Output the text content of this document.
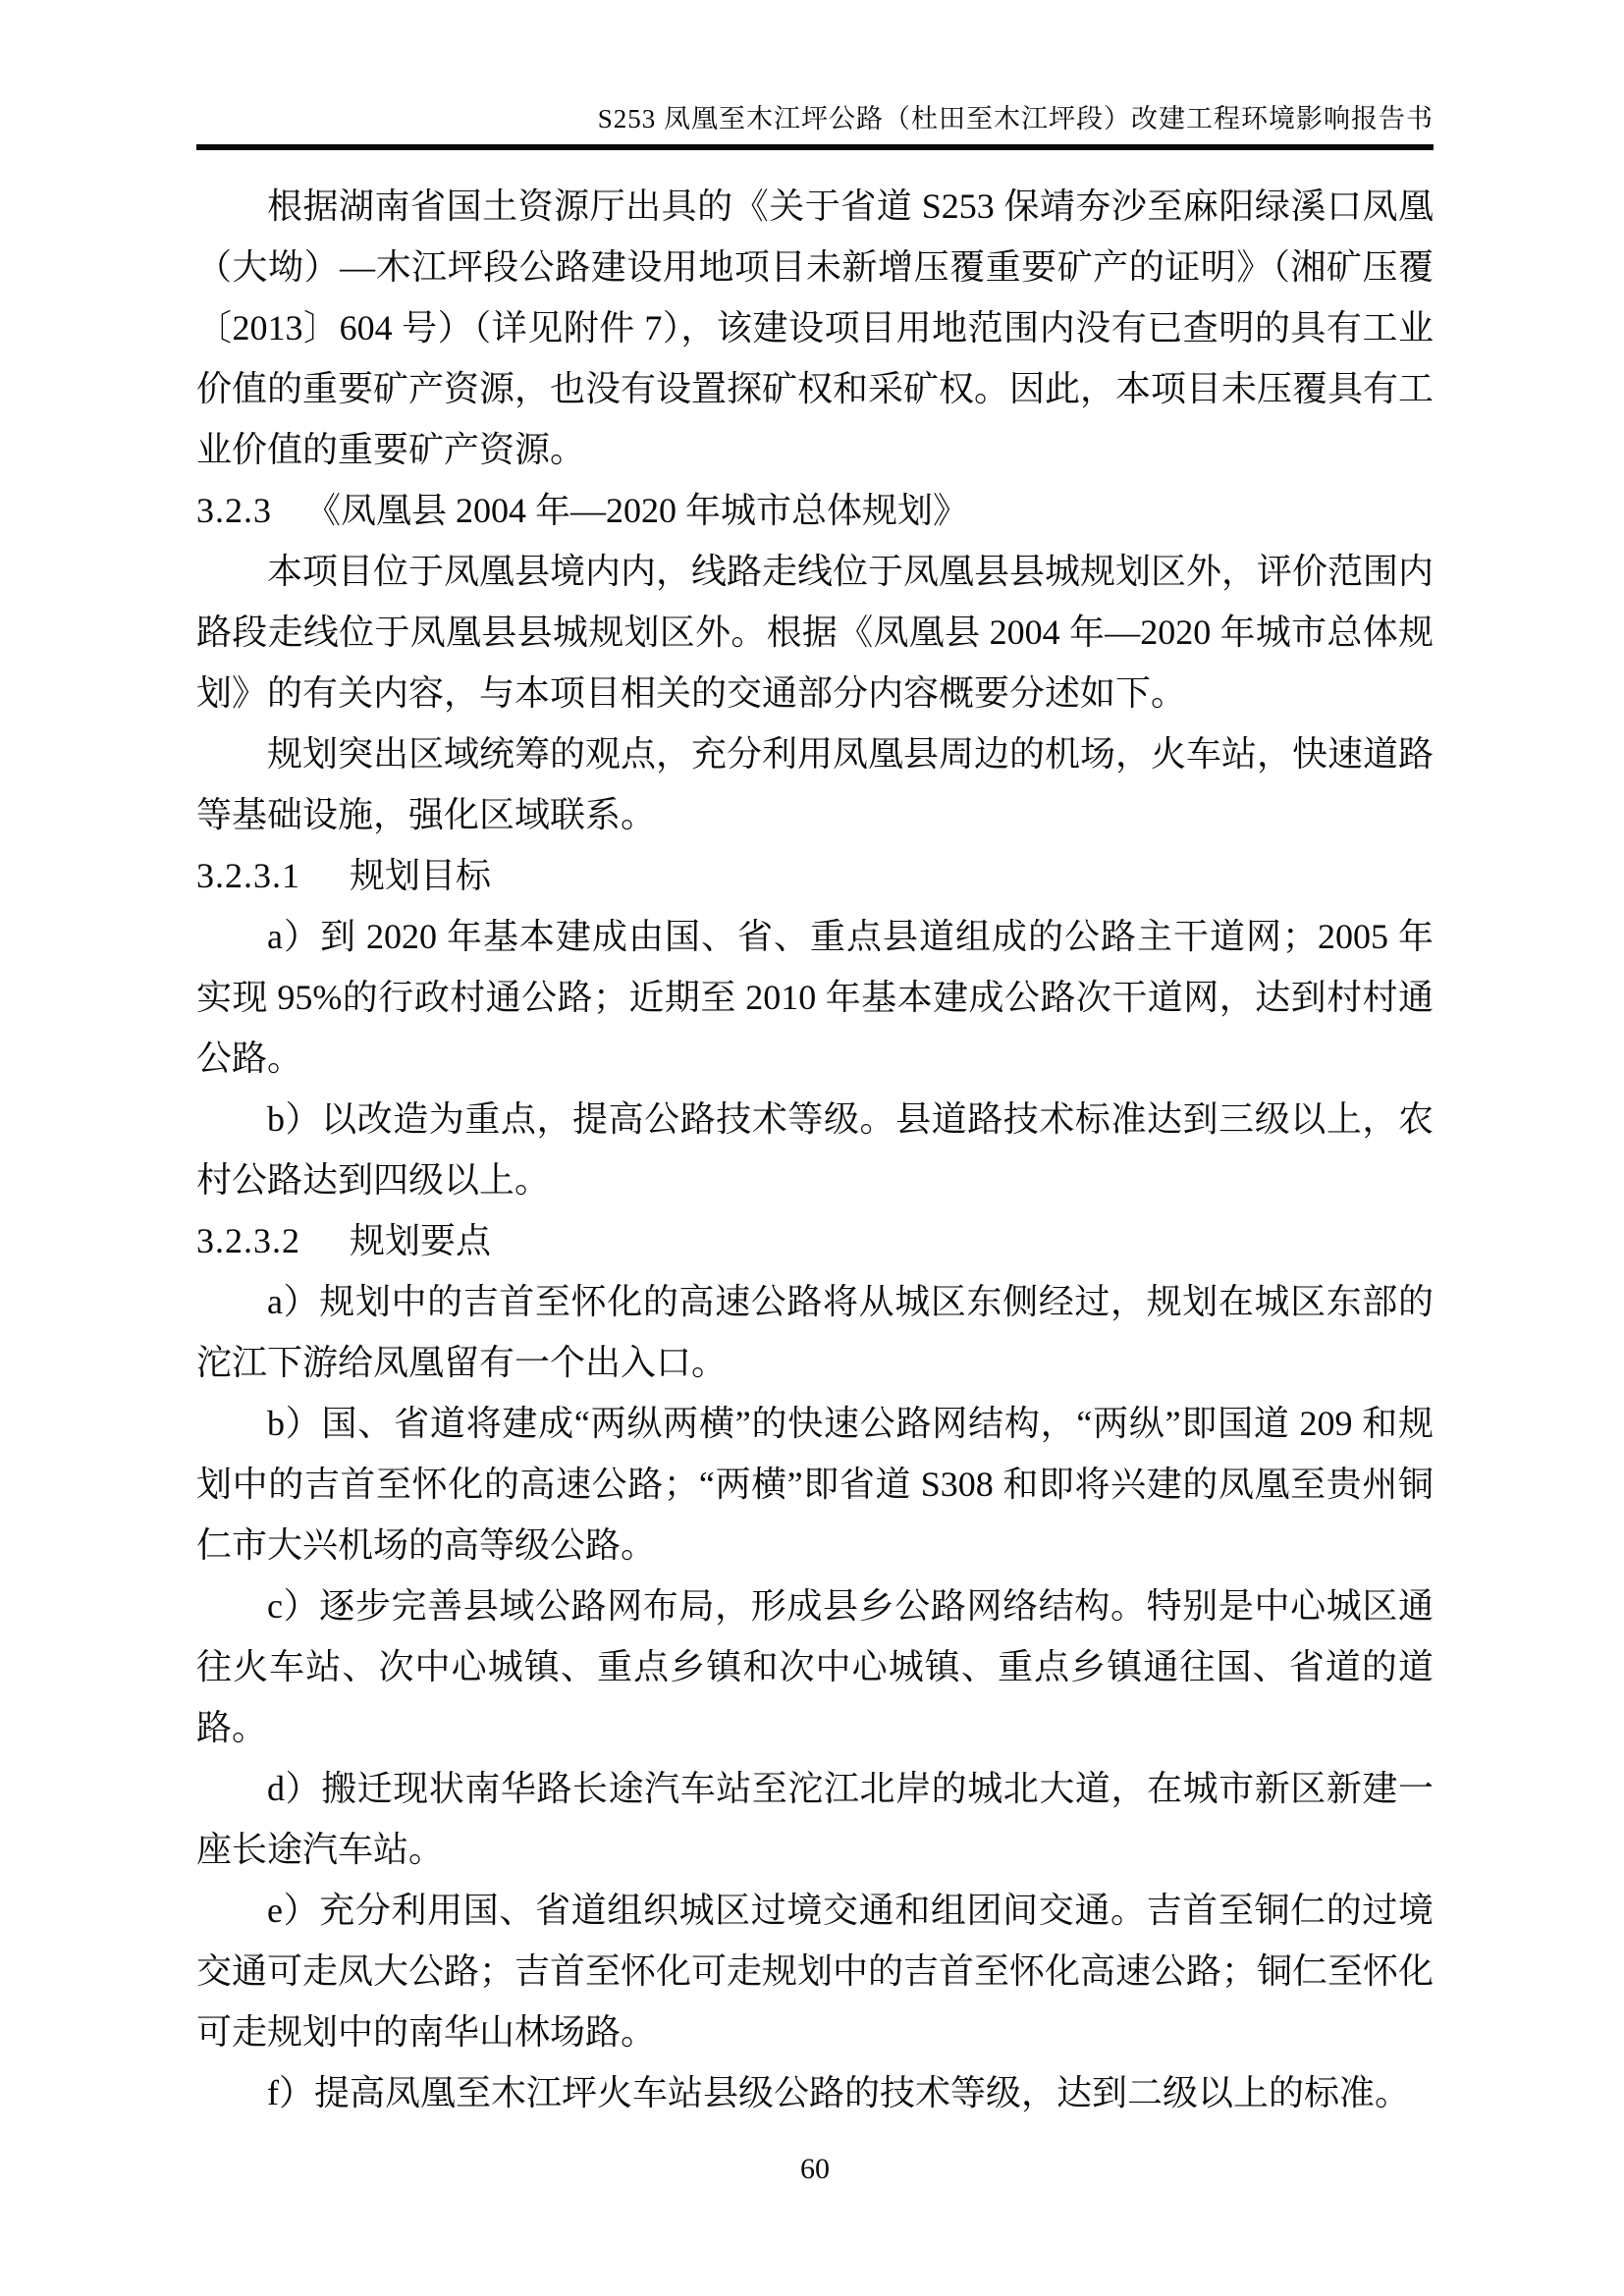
S253 凤凰至木江坪公路（杜田至木江坪段）改建工程环境影响报告书

根据湖南省国土资源厅出具的《关于省道 S253 保靖夯沙至麻阳绿溪口凤凰（大坳）—木江坪段公路建设用地项目未新增压覆重要矿产的证明》（湘矿压覆〔2013〕604 号）（详见附件 7），该建设项目用地范围内没有已查明的具有工业价值的重要矿产资源，也没有设置探矿权和采矿权。因此，本项目未压覆具有工业价值的重要矿产资源。

3.2.3 《凤凰县 2004 年—2020 年城市总体规划》

本项目位于凤凰县境内内，线路走线位于凤凰县县城规划区外，评价范围内路段走线位于凤凰县县城规划区外。根据《凤凰县 2004 年—2020 年城市总体规划》的有关内容，与本项目相关的交通部分内容概要分述如下。

规划突出区域统筹的观点，充分利用凤凰县周边的机场，火车站，快速道路等基础设施，强化区域联系。

3.2.3.1 规划目标

a）到 2020 年基本建成由国、省、重点县道组成的公路主干道网；2005 年实现 95%的行政村通公路；近期至 2010 年基本建成公路次干道网，达到村村通公路。

b）以改造为重点，提高公路技术等级。县道路技术标准达到三级以上，农村公路达到四级以上。

3.2.3.2 规划要点

a）规划中的吉首至怀化的高速公路将从城区东侧经过，规划在城区东部的沱江下游给凤凰留有一个出入口。

b）国、省道将建成“两纵两横”的快速公路网结构，“两纵”即国道 209 和规划中的吉首至怀化的高速公路；“两横”即省道 S308 和即将兴建的凤凰至贵州铜仁市大兴机场的高等级公路。

c）逐步完善县域公路网布局，形成县乡公路网络结构。特别是中心城区通往火车站、次中心城镇、重点乡镇和次中心城镇、重点乡镇通往国、省道的道路。

d）搬迁现状南华路长途汽车站至沱江北岸的城北大道，在城市新区新建一座长途汽车站。

e）充分利用国、省道组织城区过境交通和组团间交通。吉首至铜仁的过境交通可走凤大公路；吉首至怀化可走规划中的吉首至怀化高速公路；铜仁至怀化可走规划中的南华山林场路。

f）提高凤凰至木江坪火车站县级公路的技术等级，达到二级以上的标准。

60
